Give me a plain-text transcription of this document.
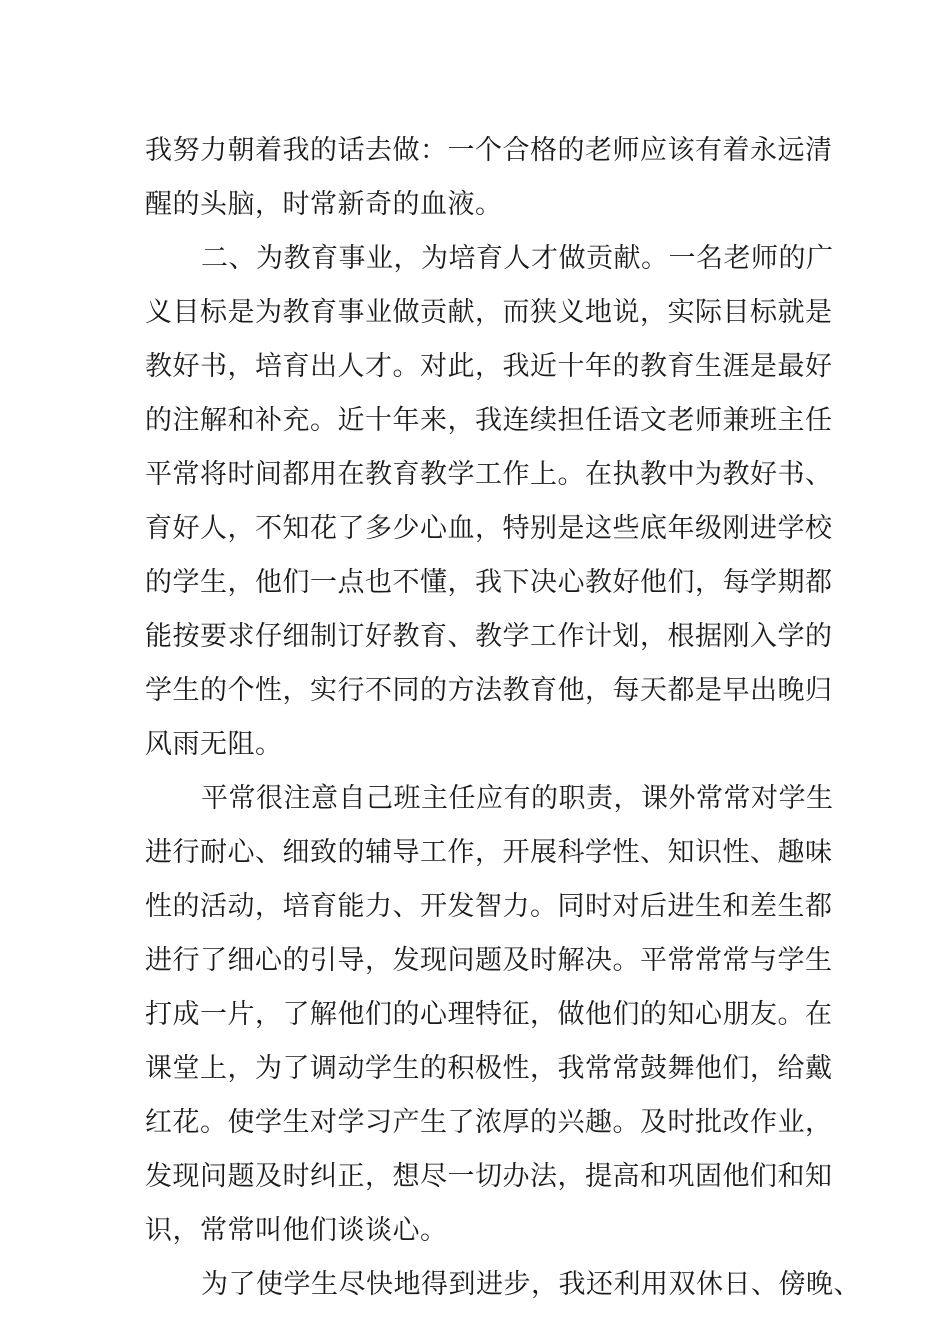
我努力朝着我的话去做：一个合格的老师应该有着永远清
醒的头脑，时常新奇的血液。
二、为教育事业，为培育人才做贡献。一名老师的广
义目标是为教育事业做贡献，而狭义地说，实际目标就是
教好书，培育出人才。对此，我近十年的教育生涯是最好
的注解和补充。近十年来，我连续担任语文老师兼班主任
平常将时间都用在教育教学工作上。在执教中为教好书、
育好人，不知花了多少心血，特别是这些底年级刚进学校
的学生，他们一点也不懂，我下决心教好他们，每学期都
能按要求仔细制订好教育、教学工作计划，根据刚入学的
学生的个性，实行不同的方法教育他，每天都是早出晚归
风雨无阻。
平常很注意自己班主任应有的职责，课外常常对学生
进行耐心、细致的辅导工作，开展科学性、知识性、趣味
性的活动，培育能力、开发智力。同时对后进生和差生都
进行了细心的引导，发现问题及时解决。平常常常与学生
打成一片，了解他们的心理特征，做他们的知心朋友。在
课堂上，为了调动学生的积极性，我常常鼓舞他们，给戴
红花。使学生对学习产生了浓厚的兴趣。及时批改作业，
发现问题及时纠正，想尽一切办法，提高和巩固他们和知
识，常常叫他们谈谈心。
为了使学生尽快地得到进步，我还利用双休日、傍晚、
